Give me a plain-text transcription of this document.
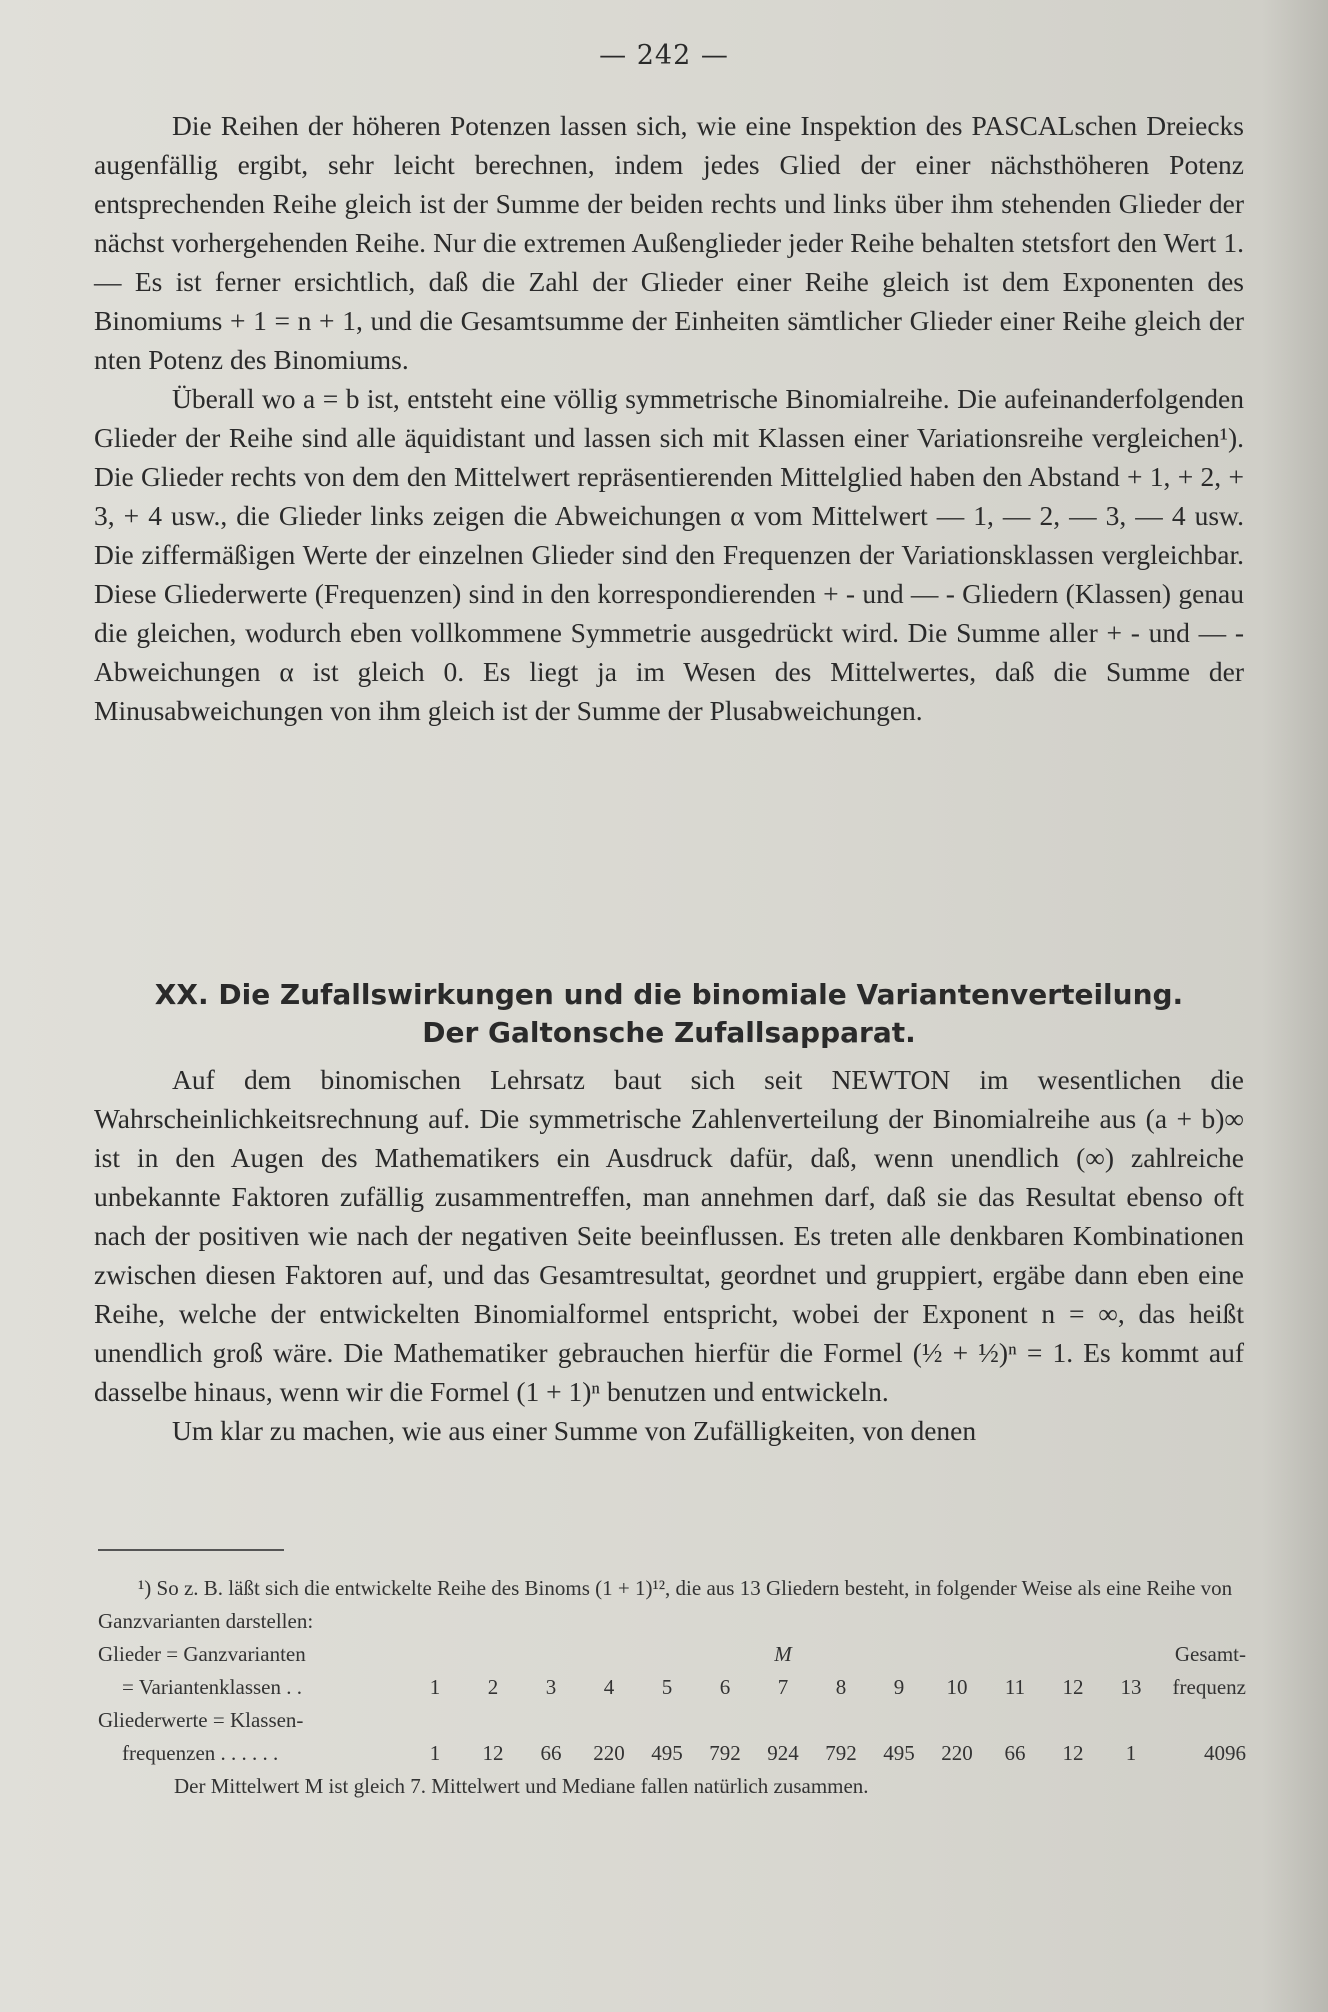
— 242 —

Die Reihen der höheren Potenzen lassen sich, wie eine Inspektion des PASCALschen Dreiecks augenfällig ergibt, sehr leicht berechnen, indem jedes Glied der einer nächsthöheren Potenz entsprechenden Reihe gleich ist der Summe der beiden rechts und links über ihm stehenden Glieder der nächst vorhergehenden Reihe. Nur die extremen Außenglieder jeder Reihe behalten stetsfort den Wert 1. — Es ist ferner ersichtlich, daß die Zahl der Glieder einer Reihe gleich ist dem Exponenten des Binomiums + 1 = n + 1, und die Gesamtsumme der Einheiten sämtlicher Glieder einer Reihe gleich der nten Potenz des Binomiums.

Überall wo a = b ist, entsteht eine völlig symmetrische Binomialreihe. Die aufeinanderfolgenden Glieder der Reihe sind alle äquidistant und lassen sich mit Klassen einer Variationsreihe vergleichen¹). Die Glieder rechts von dem den Mittelwert repräsentierenden Mittelglied haben den Abstand + 1, + 2, + 3, + 4 usw., die Glieder links zeigen die Abweichungen α vom Mittelwert — 1, — 2, — 3, — 4 usw. Die ziffermäßigen Werte der einzelnen Glieder sind den Frequenzen der Variationsklassen vergleichbar. Diese Gliederwerte (Frequenzen) sind in den korrespondierenden + - und — - Gliedern (Klassen) genau die gleichen, wodurch eben vollkommene Symmetrie ausgedrückt wird. Die Summe aller + - und — -Abweichungen α ist gleich 0. Es liegt ja im Wesen des Mittelwertes, daß die Summe der Minusabweichungen von ihm gleich ist der Summe der Plusabweichungen.

XX. Die Zufallswirkungen und die binomiale Variantenverteilung.
Der Galtonsche Zufallsapparat.

Auf dem binomischen Lehrsatz baut sich seit NEWTON im wesentlichen die Wahrscheinlichkeitsrechnung auf. Die symmetrische Zahlenverteilung der Binomialreihe aus (a + b)∞ ist in den Augen des Mathematikers ein Ausdruck dafür, daß, wenn unendlich (∞) zahlreiche unbekannte Faktoren zufällig zusammentreffen, man annehmen darf, daß sie das Resultat ebenso oft nach der positiven wie nach der negativen Seite beeinflussen. Es treten alle denkbaren Kombinationen zwischen diesen Faktoren auf, und das Gesamtresultat, geordnet und gruppiert, ergäbe dann eben eine Reihe, welche der entwickelten Binomialformel entspricht, wobei der Exponent n = ∞, das heißt unendlich groß wäre. Die Mathematiker gebrauchen hierfür die Formel (½ + ½)ⁿ = 1. Es kommt auf dasselbe hinaus, wenn wir die Formel (1 + 1)ⁿ benutzen und entwickeln.

Um klar zu machen, wie aus einer Summe von Zufälligkeiten, von denen

¹) So z. B. läßt sich die entwickelte Reihe des Binoms (1 + 1)¹², die aus 13 Gliedern besteht, in folgender Weise als eine Reihe von Ganzvarianten darstellen:

Glieder = Ganzvarianten							M							Gesamt-
= Variantenklassen . .	1	2	3	4	5	6	7	8	9	10	11	12	13	frequenz
Gliederwerte = Klassen-														
frequenzen . . . . . .	1	12	66	220	495	792	924	792	495	220	66	12	1	4096

Der Mittelwert M ist gleich 7. Mittelwert und Mediane fallen natürlich zusammen.
